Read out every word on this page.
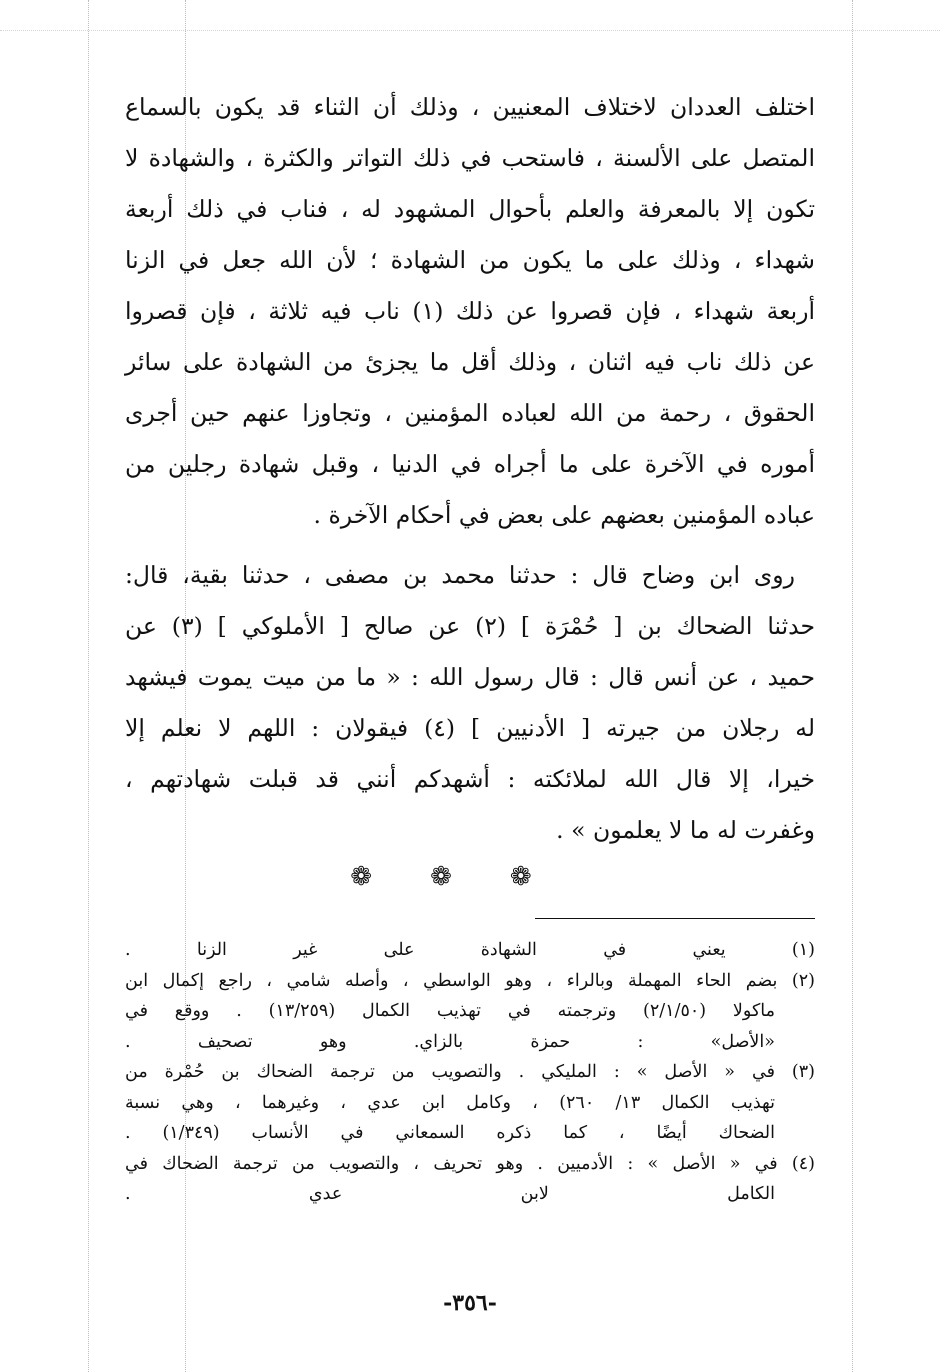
اختلف العددان لاختلاف المعنيين ، وذلك أن الثناء قد يكون بالسماع
المتصل على الألسنة ، فاستحب في ذلك التواتر والكثرة ، والشهادة لا
تكون إلا بالمعرفة والعلم بأحوال المشهود له ، فناب في ذلك أربعة
شهداء ، وذلك على ما يكون من الشهادة ؛ لأن الله جعل في الزنا
أربعة شهداء ، فإن قصروا عن ذلك (١) ناب فيه ثلاثة ، فإن قصروا
عن ذلك ناب فيه اثنان ، وذلك أقل ما يجزئ من الشهادة على سائر
الحقوق ، رحمة من الله لعباده المؤمنين ، وتجاوزا عنهم حين أجرى
أموره في الآخرة على ما أجراه في الدنيا ، وقبل شهادة رجلين من
عباده المؤمنين بعضهم على بعض في أحكام الآخرة .
روى ابن وضاح قال : حدثنا محمد بن مصفى ، حدثنا بقية، قال:
حدثنا الضحاك بن [ حُمْرَة ] (٢) عن صالح [ الأملوكي ] (٣) عن
حميد ، عن أنس قال : قال رسول الله : « ما من ميت يموت فيشهد
له رجلان من جيرته [ الأدنيين ] (٤) فيقولان : اللهم لا نعلم إلا
خيرا، إلا قال الله لملائكته : أشهدكم أنني قد قبلت شهادتهم ،
وغفرت له ما لا يعلمون » .
❁❁❁
(١) يعني في الشهادة على غير الزنا .
(٢) بضم الحاء المهملة وبالراء ، وهو الواسطي ، وأصله شامي ، راجع إكمال ابن
ماكولا (٢/١/٥٠) وترجمته في تهذيب الكمال (١٣/٢٥٩) . ووقع في
«الأصل» : حمزة بالزاي. وهو تصحيف .
(٣) في « الأصل » : المليكي . والتصويب من ترجمة الضحاك بن حُمْرة من
تهذيب الكمال ١٣/ ٢٦٠) ، وكامل ابن عدي ، وغيرهما ، وهي نسبة
الضحاك أيضًا ، كما ذكره السمعاني في الأنساب (١/٣٤٩) .
(٤) في « الأصل » : الأدميين . وهو تحريف ، والتصويب من ترجمة الضحاك في
الكامل لابن عدي .
-٣٥٦-
